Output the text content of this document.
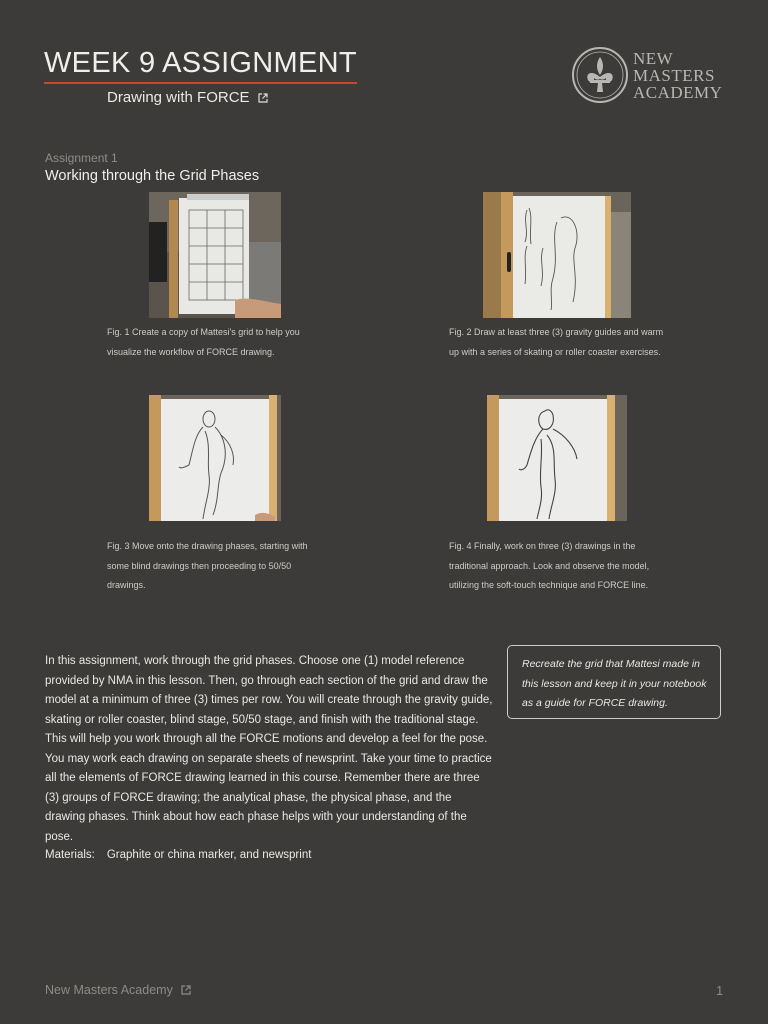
WEEK 9 ASSIGNMENT
Drawing with FORCE
NEW
MASTERS
ACADEMY
Assignment 1
Working through the Grid Phases
Fig. 1 Create a copy of Mattesi's grid to help you visualize the workflow of FORCE drawing.
Fig. 2 Draw at least three (3) gravity guides and warm up with a series of skating or roller coaster exercises.
Fig. 3 Move onto the drawing phases, starting with some blind drawings then proceeding to 50/50 drawings.
Fig. 4 Finally, work on three (3) drawings in the traditional approach. Look and observe the model, utilizing the soft-touch technique and FORCE line.
In this assignment, work through the grid phases. Choose one (1) model reference provided by NMA in this lesson. Then, go through each section of the grid and draw the model at a minimum of three (3) times per row. You will create through the gravity guide, skating or roller coaster, blind stage, 50/50 stage, and finish with the traditional stage. This will help you work through all the FORCE motions and develop a feel for the pose. You may work each drawing on separate sheets of newsprint. Take your time to practice all the elements of FORCE drawing learned in this course. Remember there are three (3) groups of FORCE drawing; the analytical phase, the physical phase, and the drawing phases. Think about how each phase helps with your understanding of the pose.
Materials: Graphite or china marker, and newsprint
Recreate the grid that Mattesi made in this lesson and keep it in your notebook as a guide for FORCE drawing.
New Masters Academy	1
